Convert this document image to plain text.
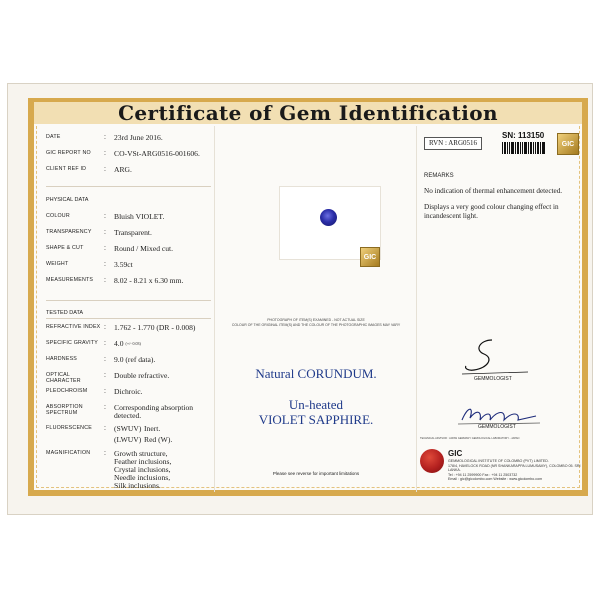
Certificate of Gem Identification
DATE	:	23rd June 2016.
GIC REPORT NO	:	CO-VSt-ARG0516-001606.
CLIENT REF ID	:	ARG.
PHYSICAL DATA
COLOUR	:	Bluish VIOLET.
TRANSPARENCY	:	Transparent.
SHAPE & CUT	:	Round / Mixed cut.
WEIGHT	:	3.59ct
MEASUREMENTS	:	8.02 - 8.21 x 6.30 mm.
TESTED DATA
REFRACTIVE INDEX :	1.762 - 1.770 (DR - 0.008)
SPECIFIC GRAVITY :	4.0 (+/- 0.03)
HARDNESS	:	9.0 (ref data).
OPTICAL CHARACTER
:	Double refractive.
PLEOCHROISM	:	Dichroic.
ABSORPTION SPECTRUM
:	Corresponding absorption
detected.
FLUORESCENCE	:	(SWUV) Inert.
(LWUV) Red (W).
MAGNIFICATION	:	Growth structure,
Feather inclusions,
Crystal inclusions,
Needle inclusions,
Silk inclusions.
GIC
PHOTOGRAPH OF ITEM(S) EXAMINED - NOT ACTUAL SIZE
COLOUR OF THE ORIGINAL ITEM(S) AND THE COLOUR OF THE PHOTOGRAPHIC IMAGES MAY VARY
Natural CORUNDUM.
Un-heated
VIOLET SAPPHIRE.
Please see reverse for important limitations
RVN : ARG0516
SN: 113150
GIC
REMARKS
No indication of thermal enhancement detected.
Displays a very good colour changing effect in incandescent light.
GEMMOLOGIST
GEMMOLOGIST
TECHNICAL ADVISOR : JAPAN GERMANY GEMOLOGICAL LABORATORY - JAPAN
GIC
GEMMOLOGICAL INSTITUTE OF COLOMBO (PVT) LIMITED.
178/4, HAVELOCK ROAD (NR SHANKARAPPA LUMUSAMY), COLOMBO 05. SRI LANKA.
Tel : +94 11 2599900 Fax : +94 11 2503732
Email : gic@gicolombo.com Website : www.gicolombo.com
